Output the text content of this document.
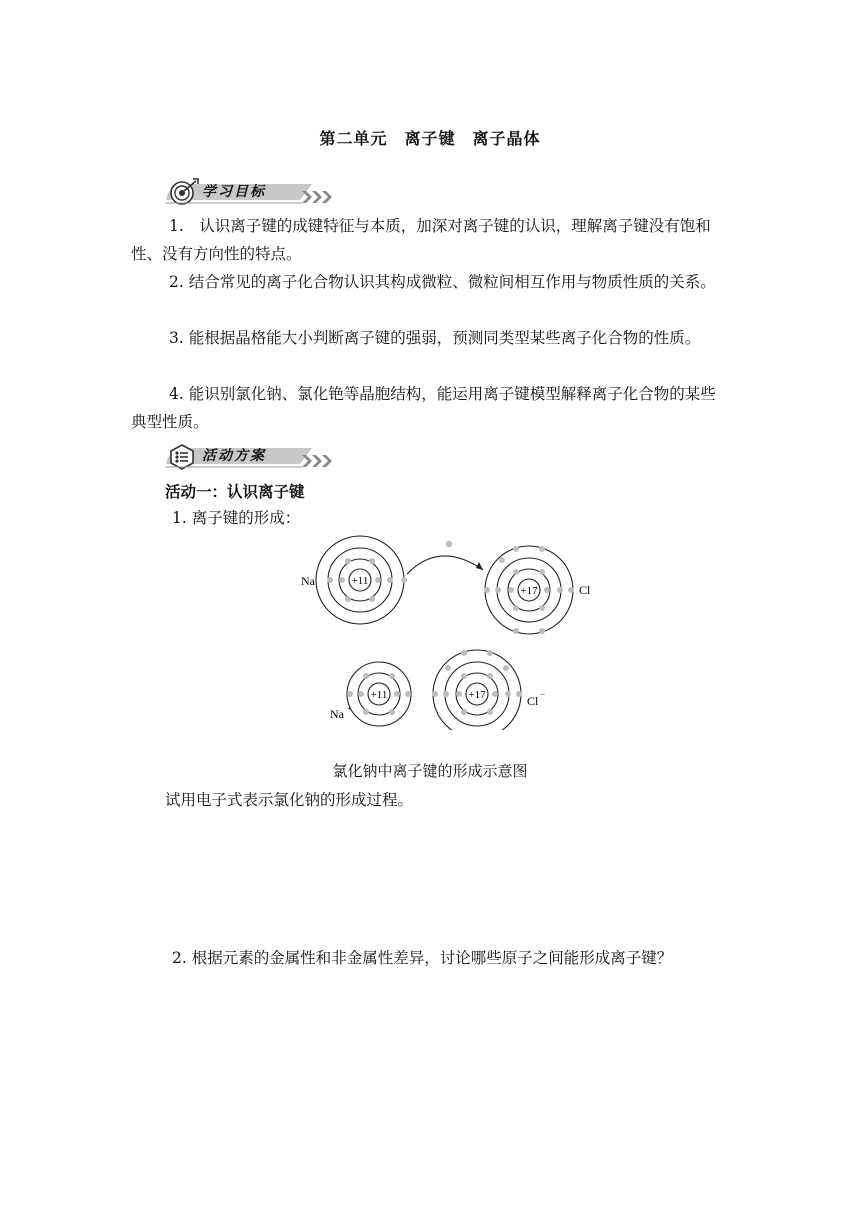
第二单元　离子键　离子晶体
学习目标
1.　认识离子键的成键特征与本质，加深对离子键的认识，理解离子键没有饱和性、没有方向性的特点。
2. 结合常见的离子化合物认识其构成微粒、微粒间相互作用与物质性质的关系。
3. 能根据晶格能大小判断离子键的强弱，预测同类型某些离子化合物的性质。
4. 能识别氯化钠、氯化铯等晶胞结构，能运用离子键模型解释离子化合物的某些典型性质。
活动方案
活动一：认识离子键
1. 离子键的形成：
+11
Na
+17	Cl
+11
Na +
+17	Cl −
氯化钠中离子键的形成示意图
试用电子式表示氯化钠的形成过程。
2. 根据元素的金属性和非金属性差异，讨论哪些原子之间能形成离子键？
